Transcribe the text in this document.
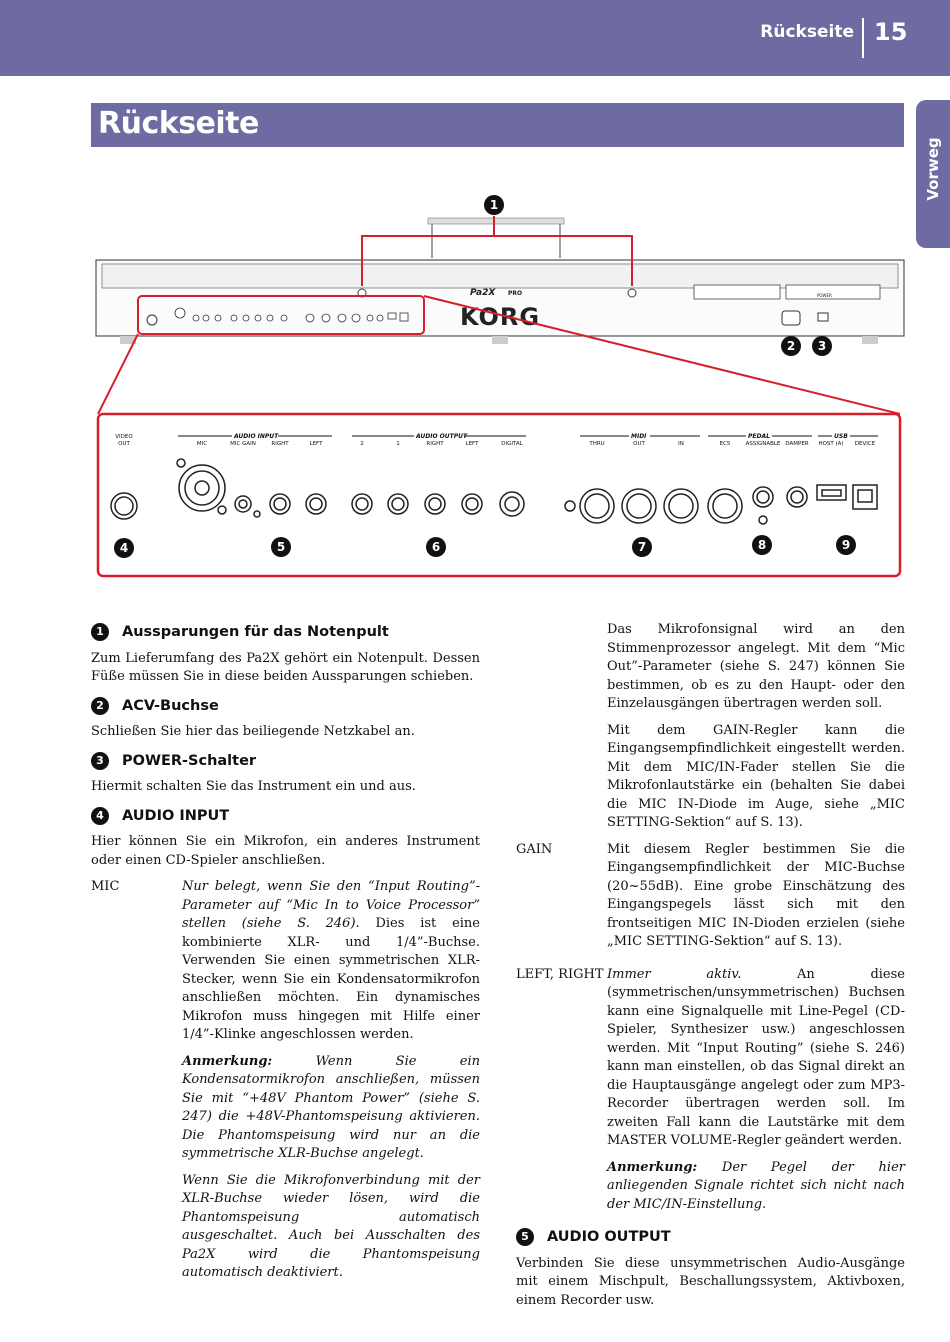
Rückseite 15
Vorweg
Rückseite
Pa2X PRO
KORG
POWER
AUDIO INPUT	AUDIO OUTPUT	MIDI	PEDAL	USB
VIDEO
OUT	MIC	MIC GAIN	RIGHT	LEFT	2	1	RIGHT	LEFT	DIGITAL	THRU	OUT	IN	EC5	ASSIGNABLE DAMPER HOST (A) DEVICE
1
2 3
4	5	6	7	8	9
1	Aussparungen für das Notenpult

Zum Lieferumfang des Pa2X gehört ein Notenpult. Dessen Füße müssen Sie in diese beiden Aussparungen schieben.

2	ACV-Buchse

Schließen Sie hier das beiliegende Netzkabel an.

3	POWER-Schalter

Hiermit schalten Sie das Instrument ein und aus.

4	AUDIO INPUT

Hier können Sie ein Mikrofon, ein anderes Instrument oder einen CD-Spieler anschließen.

MIC	Nur belegt, wenn Sie den “Input Routing”-Parameter auf “Mic In to Voice Processor” stellen (siehe S. 246). Dies ist eine kombinierte XLR- und 1/4”-Buchse. Verwenden Sie einen symmetrischen XLR-Stecker, wenn Sie ein Kondensatormikrofon anschließen möchten. Ein dynamisches Mikrofon muss hingegen mit Hilfe einer 1/4”-Klinke angeschlossen werden.

Anmerkung: Wenn Sie ein Kondensatormikrofon anschließen, müssen Sie mit “+48V Phantom Power” (siehe S. 247) die +48V-Phantomspeisung aktivieren. Die Phantomspeisung wird nur an die symmetrische XLR-Buchse angelegt.

Wenn Sie die Mikrofonverbindung mit der XLR-Buchse wieder lösen, wird die Phantomspeisung automatisch ausgeschaltet. Auch bei Ausschalten des Pa2X wird die Phantomspeisung automatisch deaktiviert.

Das Mikrofonsignal wird an den Stimmenprozessor angelegt. Mit dem “Mic Out”-Parameter (siehe S. 247) können Sie bestimmen, ob es zu den Haupt- oder den Einzelausgängen übertragen werden soll.

Mit dem GAIN-Regler kann die Eingangsempfindlichkeit eingestellt werden. Mit dem MIC/IN-Fader stellen Sie die Mikrofonlautstärke ein (behalten Sie dabei die MIC IN-Diode im Auge, siehe „MIC SETTING-Sektion“ auf S. 13).

GAIN	Mit diesem Regler bestimmen Sie die Eingangsempfindlichkeit der MIC-Buchse (20~55dB). Eine grobe Einschätzung des Eingangspegels lässt sich mit den frontseitigen MIC IN-Dioden erzielen (siehe „MIC SETTING-Sektion“ auf S. 13).

LEFT, RIGHT Immer aktiv. An diese (symmetrischen/unsymmetrischen) Buchsen kann eine Signalquelle mit Line-Pegel (CD-Spieler, Synthesizer usw.) angeschlossen werden. Mit “Input Routing” (siehe S. 246) kann man einstellen, ob das Signal direkt an die Hauptausgänge angelegt oder zum MP3-Recorder übertragen werden soll. Im zweiten Fall kann die Lautstärke mit dem MASTER VOLUME-Regler geändert werden.

Anmerkung: Der Pegel der hier anliegenden Signale richtet sich nicht nach der MIC/IN-Einstellung.

5	AUDIO OUTPUT

Verbinden Sie diese unsymmetrischen Audio-Ausgänge mit einem Mischpult, Beschallungssystem, Aktivboxen, einem Recorder usw.
